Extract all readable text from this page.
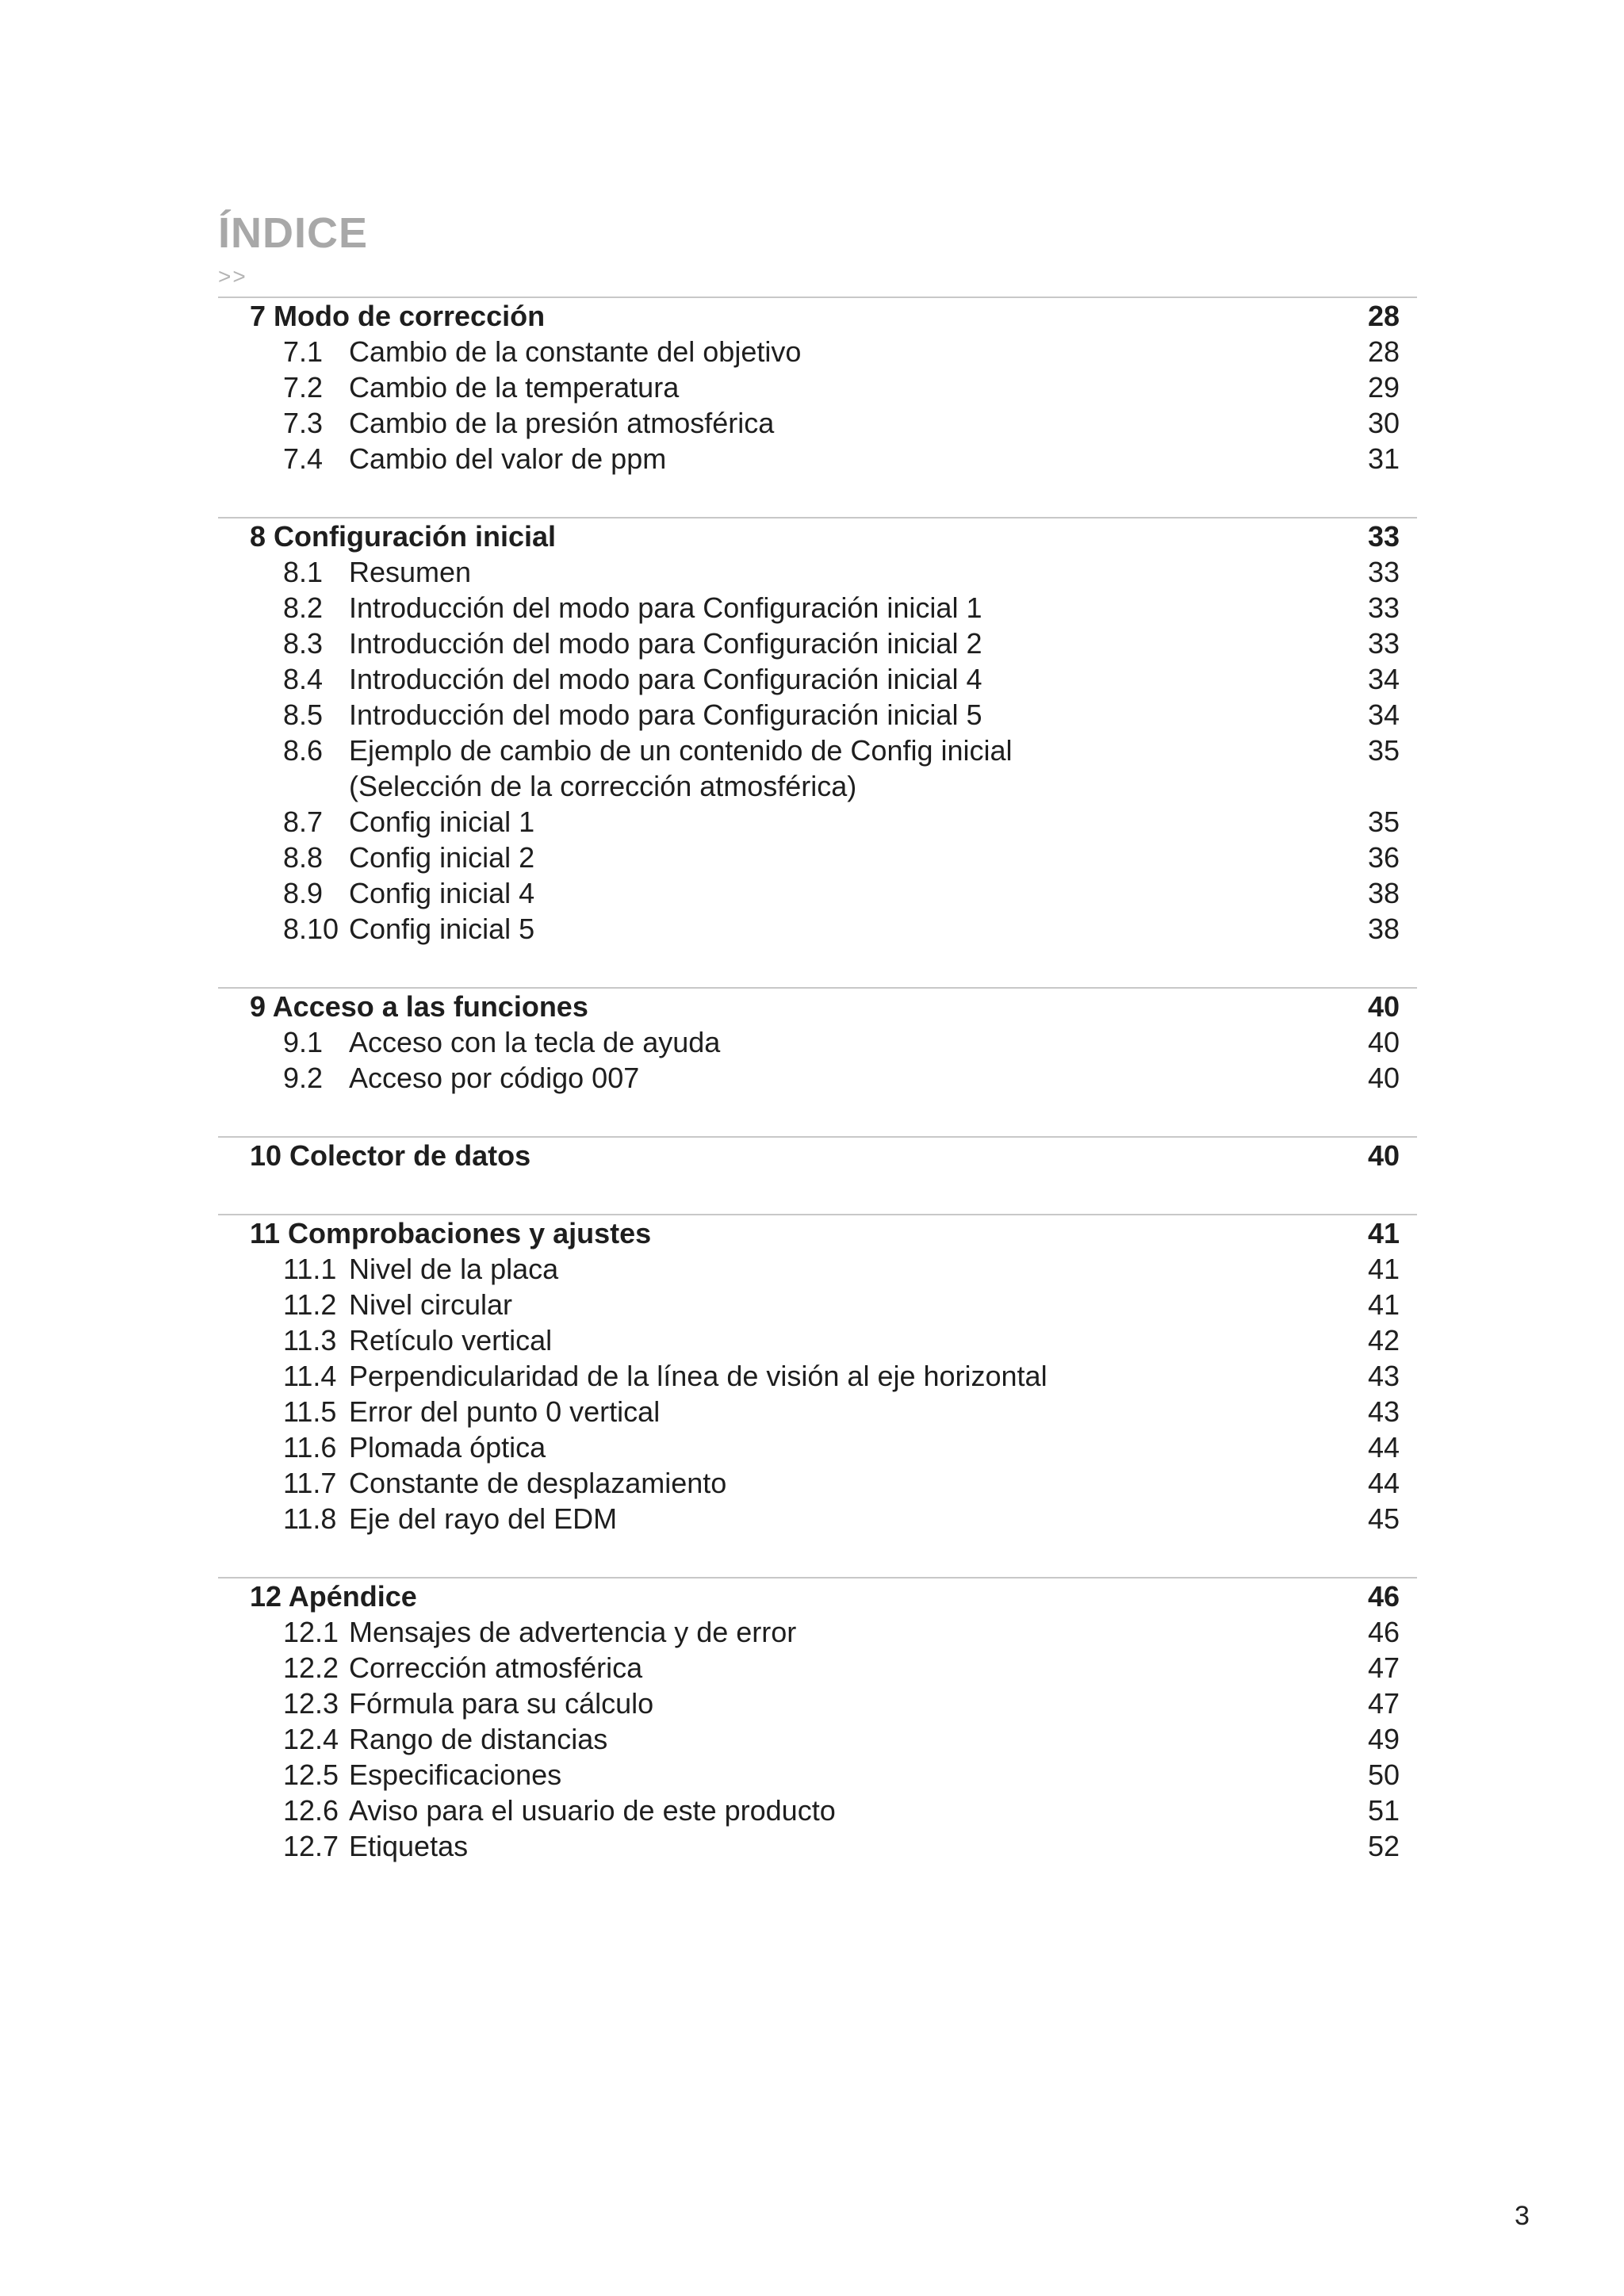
ÍNDICE
>>
7 Modo de corrección	28
7.1 Cambio de la constante del objetivo	28
7.2 Cambio de la temperatura	29
7.3 Cambio de la presión atmosférica	30
7.4 Cambio del valor de ppm	31
8 Configuración inicial	33
8.1 Resumen	33
8.2 Introducción del modo para Configuración inicial 1	33
8.3 Introducción del modo para Configuración inicial 2	33
8.4 Introducción del modo para Configuración inicial 4	34
8.5 Introducción del modo para Configuración inicial 5	34
8.6 Ejemplo de cambio de un contenido de Config inicial	35
(Selección de la corrección atmosférica)
8.7 Config inicial 1	35
8.8 Config inicial 2	36
8.9 Config inicial 4	38
8.10 Config inicial 5	38
9 Acceso a las funciones	40
9.1 Acceso con la tecla de ayuda	40
9.2 Acceso por código 007	40
10 Colector de datos	40
11 Comprobaciones y ajustes	41
11.1 Nivel de la placa	41
11.2 Nivel circular	41
11.3 Retículo vertical	42
11.4 Perpendicularidad de la línea de visión al eje horizontal	43
11.5 Error del punto 0 vertical	43
11.6 Plomada óptica	44
11.7 Constante de desplazamiento	44
11.8 Eje del rayo del EDM	45
12 Apéndice	46
12.1 Mensajes de advertencia y de error	46
12.2 Corrección atmosférica	47
12.3 Fórmula para su cálculo	47
12.4 Rango de distancias	49
12.5 Especificaciones	50
12.6 Aviso para el usuario de este producto	51
12.7 Etiquetas	52
3
